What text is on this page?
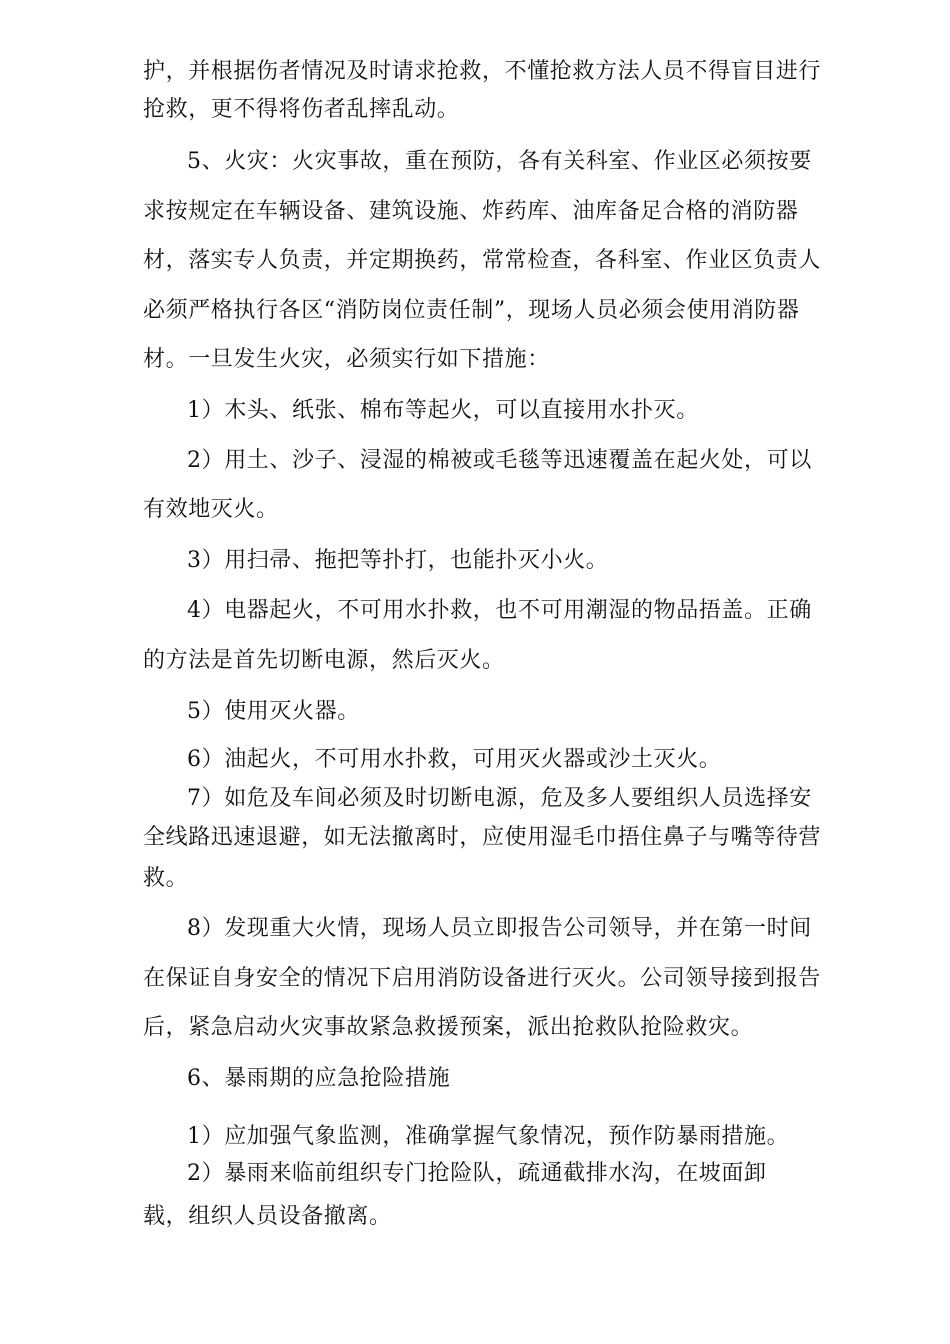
护，并根据伤者情况及时请求抢救，不懂抢救方法人员不得盲目进行
抢救，更不得将伤者乱摔乱动。
5、火灾：火灾事故，重在预防，各有关科室、作业区必须按要
求按规定在车辆设备、建筑设施、炸药库、油库备足合格的消防器
材，落实专人负责，并定期换药，常常检查，各科室、作业区负责人
必须严格执行各区“消防岗位责任制”，现场人员必须会使用消防器
材。一旦发生火灾，必须实行如下措施：
1）木头、纸张、棉布等起火，可以直接用水扑灭。
2）用土、沙子、浸湿的棉被或毛毯等迅速覆盖在起火处，可以
有效地灭火。
3）用扫帚、拖把等扑打，也能扑灭小火。
4）电器起火，不可用水扑救，也不可用潮湿的物品捂盖。正确
的方法是首先切断电源，然后灭火。
5）使用灭火器。
6）油起火，不可用水扑救，可用灭火器或沙土灭火。
7）如危及车间必须及时切断电源，危及多人要组织人员选择安
全线路迅速退避，如无法撤离时，应使用湿毛巾捂住鼻子与嘴等待营
救。
8）发现重大火情，现场人员立即报告公司领导，并在第一时间
在保证自身安全的情况下启用消防设备进行灭火。公司领导接到报告
后，紧急启动火灾事故紧急救援预案，派出抢救队抢险救灾。
6、暴雨期的应急抢险措施
1）应加强气象监测，准确掌握气象情况，预作防暴雨措施。
2）暴雨来临前组织专门抢险队，疏通截排水沟，在坡面卸
载，组织人员设备撤离。
